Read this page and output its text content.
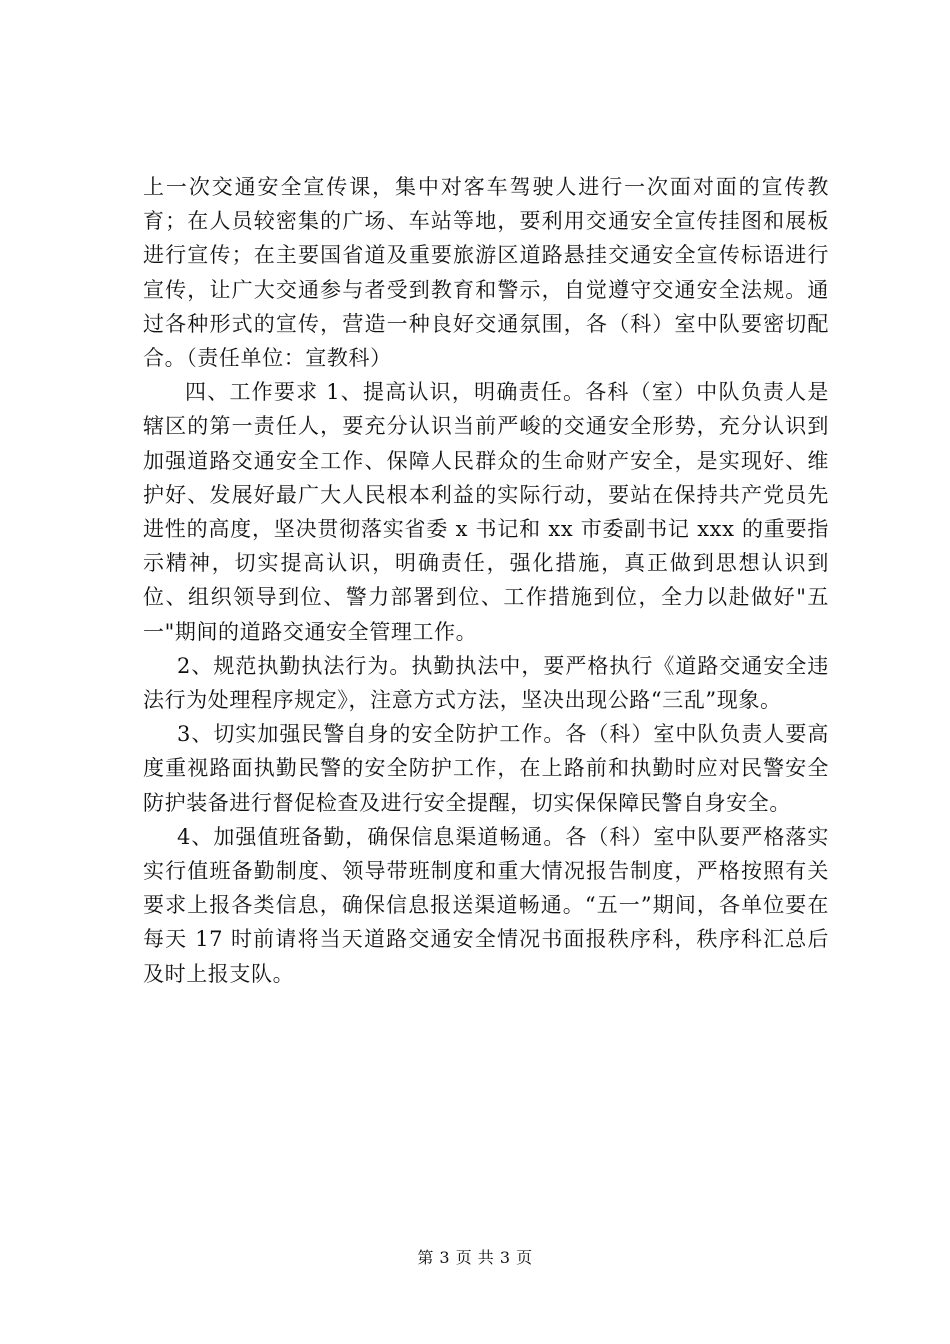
上一次交通安全宣传课，集中对客车驾驶人进行一次面对面的宣传教育；在人员较密集的广场、车站等地，要利用交通安全宣传挂图和展板进行宣传；在主要国省道及重要旅游区道路悬挂交通安全宣传标语进行宣传，让广大交通参与者受到教育和警示，自觉遵守交通安全法规。通过各种形式的宣传，营造一种良好交通氛围，各（科）室中队要密切配合。（责任单位：宣教科）

四、工作要求 1、提高认识，明确责任。各科（室）中队负责人是辖区的第一责任人，要充分认识当前严峻的交通安全形势，充分认识到加强道路交通安全工作、保障人民群众的生命财产安全，是实现好、维护好、发展好最广大人民根本利益的实际行动，要站在保持共产党员先进性的高度，坚决贯彻落实省委 x 书记和 xx 市委副书记 xxx 的重要指示精神，切实提高认识，明确责任，强化措施，真正做到思想认识到位、组织领导到位、警力部署到位、工作措施到位，全力以赴做好"五一"期间的道路交通安全管理工作。

2、规范执勤执法行为。执勤执法中，要严格执行《道路交通安全违法行为处理程序规定》，注意方式方法，坚决出现公路“三乱”现象。

3、切实加强民警自身的安全防护工作。各（科）室中队负责人要高度重视路面执勤民警的安全防护工作，在上路前和执勤时应对民警安全防护装备进行督促检查及进行安全提醒，切实保保障民警自身安全。

4、加强值班备勤，确保信息渠道畅通。各（科）室中队要严格落实实行值班备勤制度、领导带班制度和重大情况报告制度，严格按照有关要求上报各类信息，确保信息报送渠道畅通。“五一”期间，各单位要在每天 17 时前请将当天道路交通安全情况书面报秩序科，秩序科汇总后及时上报支队。

第 3 页 共 3 页
